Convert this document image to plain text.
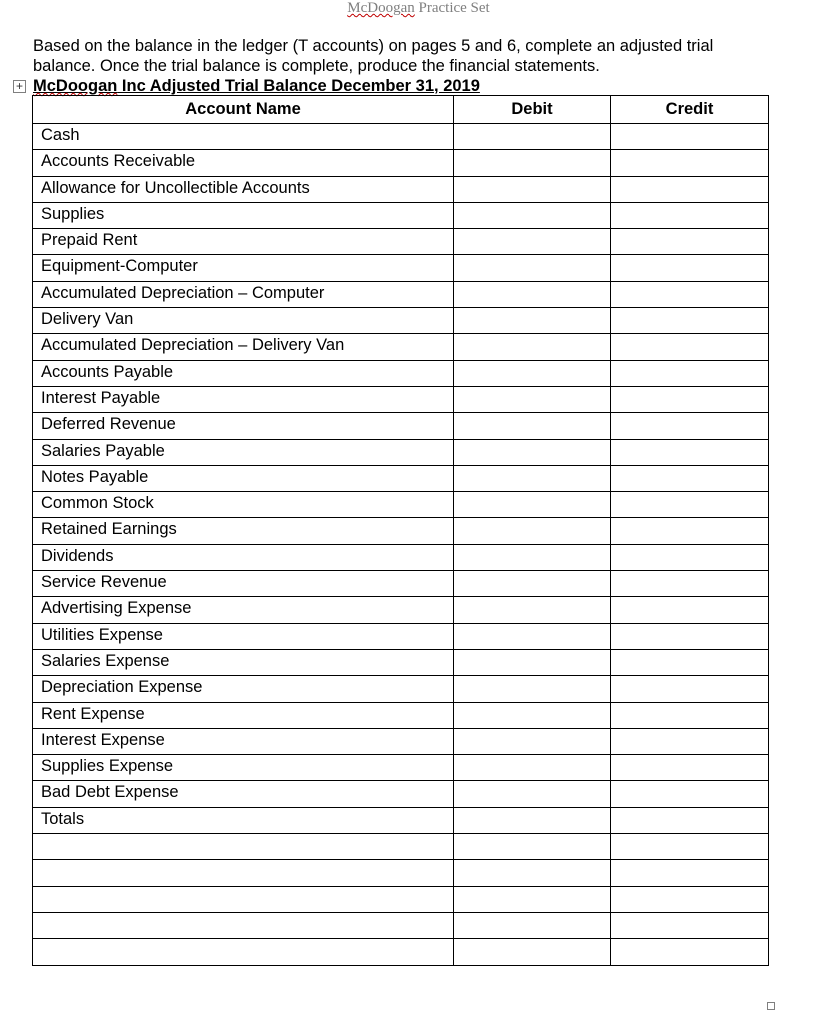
McDoogan Practice Set
Based on the balance in the ledger (T accounts) on pages 5 and 6, complete an adjusted trial balance. Once the trial balance is complete, produce the financial statements.
+ McDoogan Inc Adjusted Trial Balance December 31, 2019
Account Name	Debit	Credit
Cash		
Accounts Receivable		
Allowance for Uncollectible Accounts		
Supplies		
Prepaid Rent		
Equipment-Computer		
Accumulated Depreciation – Computer		
Delivery Van		
Accumulated Depreciation – Delivery Van		
Accounts Payable		
Interest Payable		
Deferred Revenue		
Salaries Payable		
Notes Payable		
Common Stock		
Retained Earnings		
Dividends		
Service Revenue		
Advertising Expense		
Utilities Expense		
Salaries Expense		
Depreciation Expense		
Rent Expense		
Interest Expense		
Supplies Expense		
Bad Debt Expense		
Totals		
